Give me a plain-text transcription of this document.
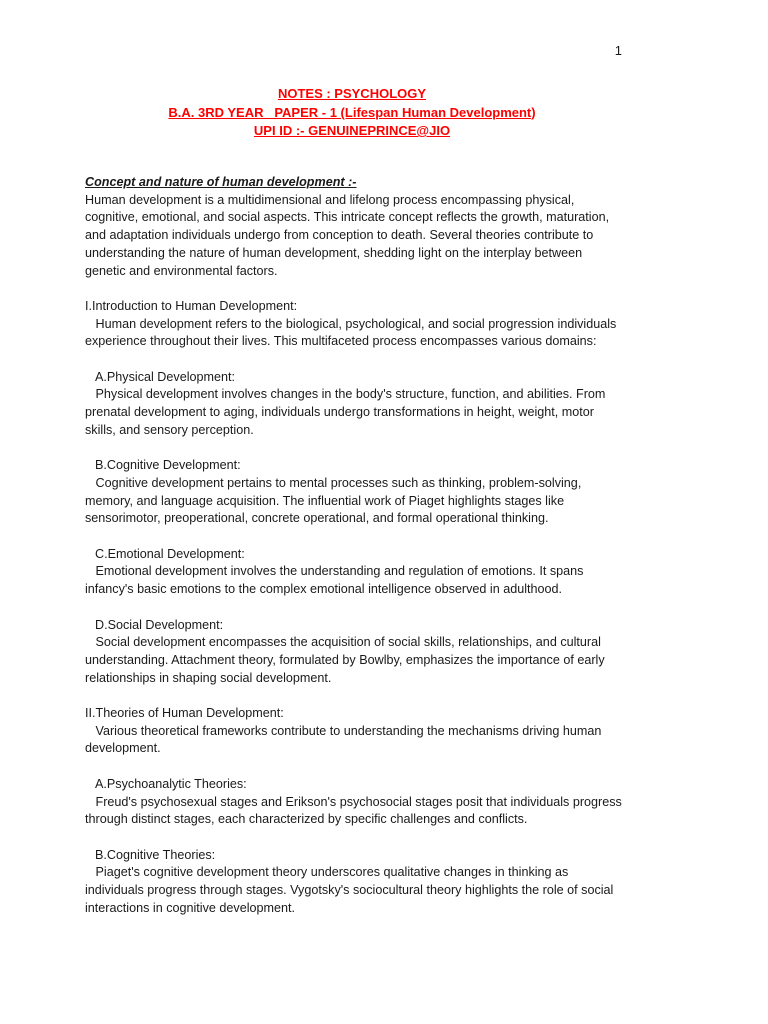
1
NOTES : PSYCHOLOGY
B.A. 3RD YEAR   PAPER - 1 (Lifespan Human Development)
UPI ID :- GENUINEPRINCE@JIO
Concept and nature of human development :-

Human development is a multidimensional and lifelong process encompassing physical, cognitive, emotional, and social aspects. This intricate concept reflects the growth, maturation, and adaptation individuals undergo from conception to death. Several theories contribute to understanding the nature of human development, shedding light on the interplay between genetic and environmental factors.

I.Introduction to Human Development:

Human development refers to the biological, psychological, and social progression individuals experience throughout their lives. This multifaceted process encompasses various domains:

A.Physical Development:

Physical development involves changes in the body's structure, function, and abilities. From prenatal development to aging, individuals undergo transformations in height, weight, motor skills, and sensory perception.

B.Cognitive Development:

Cognitive development pertains to mental processes such as thinking, problem-solving, memory, and language acquisition. The influential work of Piaget highlights stages like sensorimotor, preoperational, concrete operational, and formal operational thinking.

C.Emotional Development:

Emotional development involves the understanding and regulation of emotions. It spans infancy's basic emotions to the complex emotional intelligence observed in adulthood.

D.Social Development:

Social development encompasses the acquisition of social skills, relationships, and cultural understanding. Attachment theory, formulated by Bowlby, emphasizes the importance of early relationships in shaping social development.

II.Theories of Human Development:

Various theoretical frameworks contribute to understanding the mechanisms driving human development.

A.Psychoanalytic Theories:

Freud's psychosexual stages and Erikson's psychosocial stages posit that individuals progress through distinct stages, each characterized by specific challenges and conflicts.

B.Cognitive Theories:

Piaget's cognitive development theory underscores qualitative changes in thinking as individuals progress through stages. Vygotsky's sociocultural theory highlights the role of social interactions in cognitive development.
